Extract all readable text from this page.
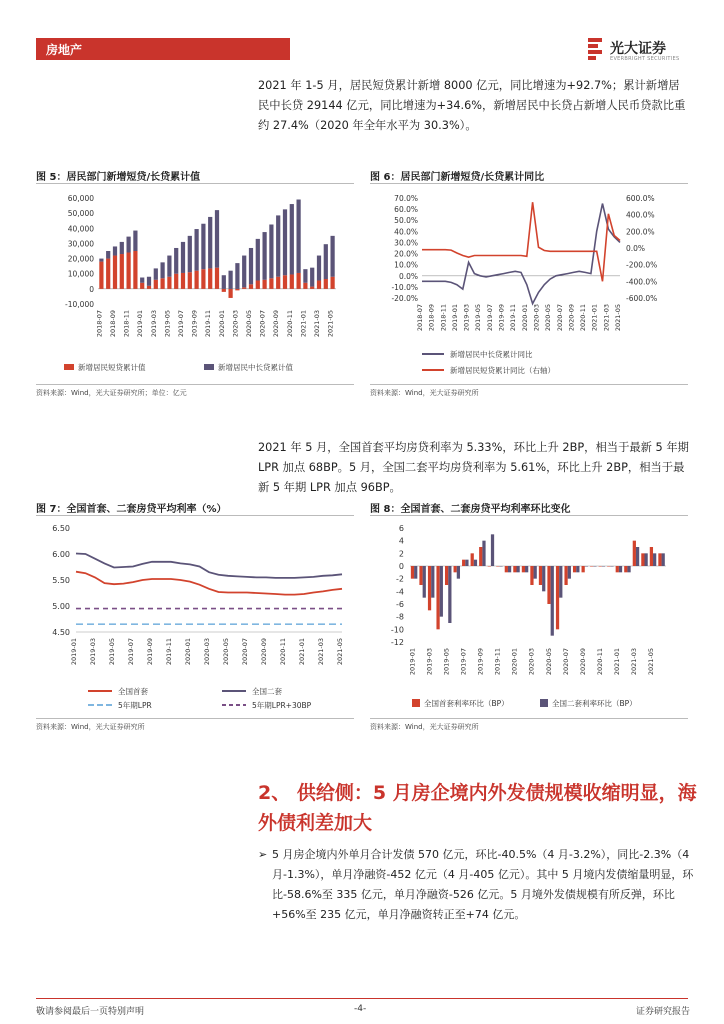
房地产	光大证券
EVERBRIGHT SECURITIES
2021 年 1-5 月，居民短贷累计新增 8000 亿元，同比增速为+92.7%；累计新增居民中长贷 29144 亿元，同比增速为+34.6%，新增居民中长贷占新增人民币贷款比重约 27.4%（2020 年全年水平为 30.3%）。
图 5：居民部门新增短贷/长贷累计值
-10,000
0
10,000
20,000
30,000
40,000
50,000
60,000
2018-07 2018-09 2018-11 2019-01 2019-03 2019-05 2019-07 2019-09 2019-11 2020-01 2020-03 2020-05 2020-07 2020-09 2020-11 2021-01 2021-03 2021-05
新增居民短贷累计值	新增居民中长贷累计值
资料来源：Wind，光大证券研究所；单位：亿元
图 6：居民部门新增短贷/长贷累计同比
-20.0%
-10.0%
0.0%
10.0%
20.0%
30.0%
40.0%
50.0%
60.0%
70.0%
-600.0%
-400.0%
-200.0%
0.0%
200.0%
400.0%
600.0%
2018-07 2018-09 2018-11 2019-01 2019-03 2019-05 2019-07 2019-09 2019-11 2020-01 2020-03 2020-05 2020-07 2020-09 2020-11 2021-01 2021-03 2021-05
新增居民中长贷累计同比
新增居民短贷累计同比（右轴）
资料来源：Wind，光大证券研究所
2021 年 5 月，全国首套平均房贷利率为 5.33%，环比上升 2BP，相当于最新 5 年期 LPR 加点 68BP。5 月，全国二套平均房贷利率为 5.61%，环比上升 2BP，相当于最新 5 年期 LPR 加点 96BP。
图 7：全国首套、二套房贷平均利率（%）
4.50
5.00
5.50
6.00
6.50
2019-01 2019-03 2019-05 2019-07 2019-09 2019-11 2020-01 2020-03 2020-05 2020-07 2020-09 2020-11 2021-01 2021-03 2021-05
全国首套	全国二套
5年期LPR	5年期LPR+30BP
资料来源：Wind，光大证券研究所
图 8：全国首套、二套房贷平均利率环比变化
-12
-10
-8
-6
-4
-2
0
2
4
6
2019-01 2019-03 2019-05 2019-07 2019-09 2019-11 2020-01 2020-03 2020-05 2020-07 2020-09 2020-11 2021-01 2021-03 2021-05
全国首套利率环比（BP）	全国二套利率环比（BP）
资料来源：Wind，光大证券研究所
2、 供给侧：5 月房企境内外发债规模收缩明显，海外债利差加大
➢ 5 月房企境内外单月合计发债 570 亿元，环比-40.5%（4 月-3.2%），同比-2.3%（4 月-1.3%），单月净融资-452 亿元（4 月-405 亿元）。其中 5 月境内发债缩量明显，环比-58.6%至 335 亿元，单月净融资-526 亿元。5 月境外发债规模有所反弹，环比+56%至 235 亿元，单月净融资转正至+74 亿元。
敬请参阅最后一页特别声明	-4-	证券研究报告
